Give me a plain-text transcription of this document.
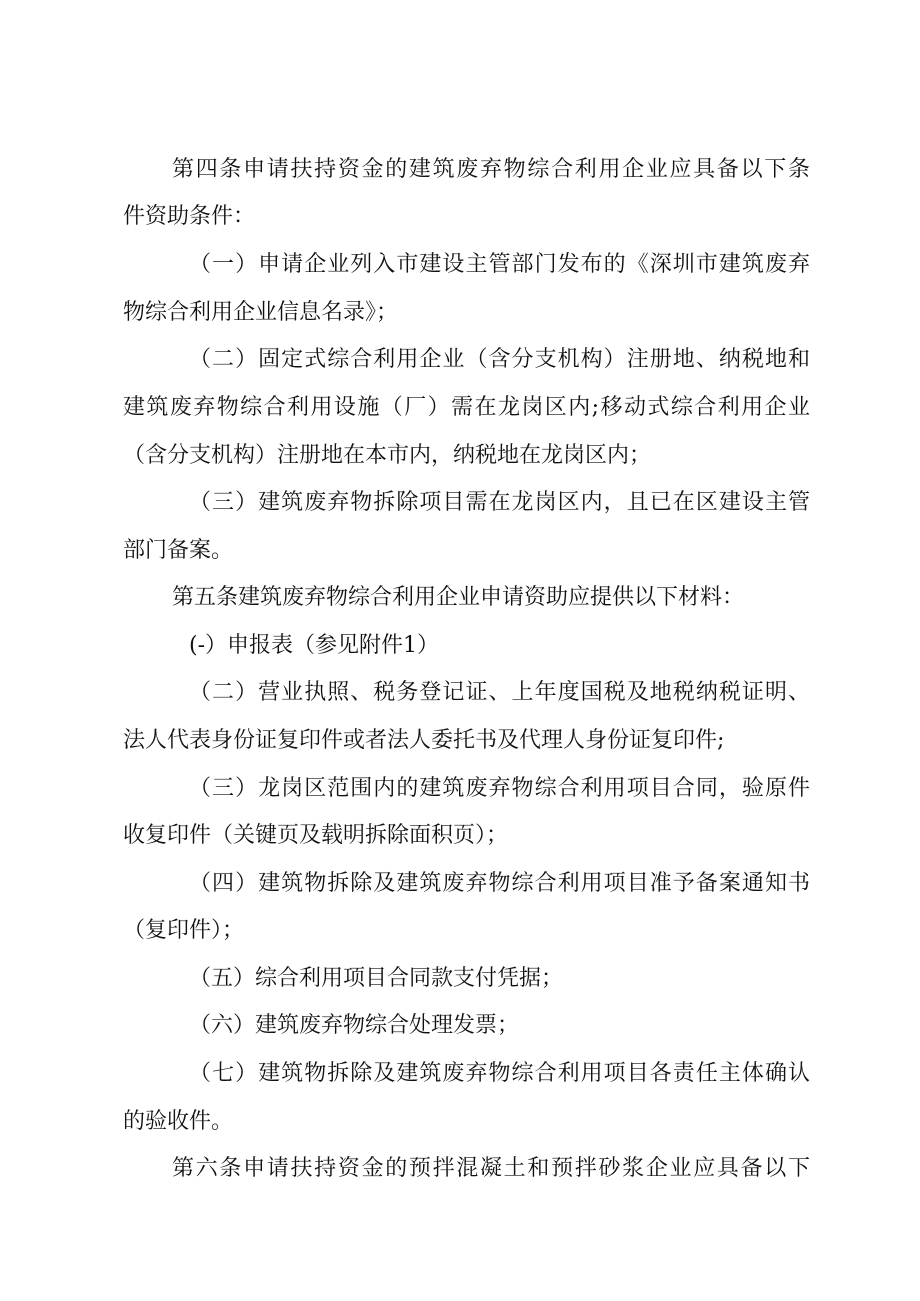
第四条申请扶持资金的建筑废弃物综合利用企业应具备以下条
件资助条件：
（一）申请企业列入市建设主管部门发布的《深圳市建筑废弃
物综合利用企业信息名录》；
（二）固定式综合利用企业（含分支机构）注册地、纳税地和
建筑废弃物综合利用设施（厂）需在龙岗区内;移动式综合利用企业
（含分支机构）注册地在本市内，纳税地在龙岗区内；
（三）建筑废弃物拆除项目需在龙岗区内，且已在区建设主管
部门备案。
第五条建筑废弃物综合利用企业申请资助应提供以下材料：
(-）申报表（参见附件1）
（二）营业执照、税务登记证、上年度国税及地税纳税证明、
法人代表身份证复印件或者法人委托书及代理人身份证复印件;
（三）龙岗区范围内的建筑废弃物综合利用项目合同，验原件
收复印件（关键页及载明拆除面积页）；
（四）建筑物拆除及建筑废弃物综合利用项目准予备案通知书
（复印件）；
（五）综合利用项目合同款支付凭据；
（六）建筑废弃物综合处理发票；
（七）建筑物拆除及建筑废弃物综合利用项目各责任主体确认
的验收件。
第六条申请扶持资金的预拌混凝土和预拌砂浆企业应具备以下
